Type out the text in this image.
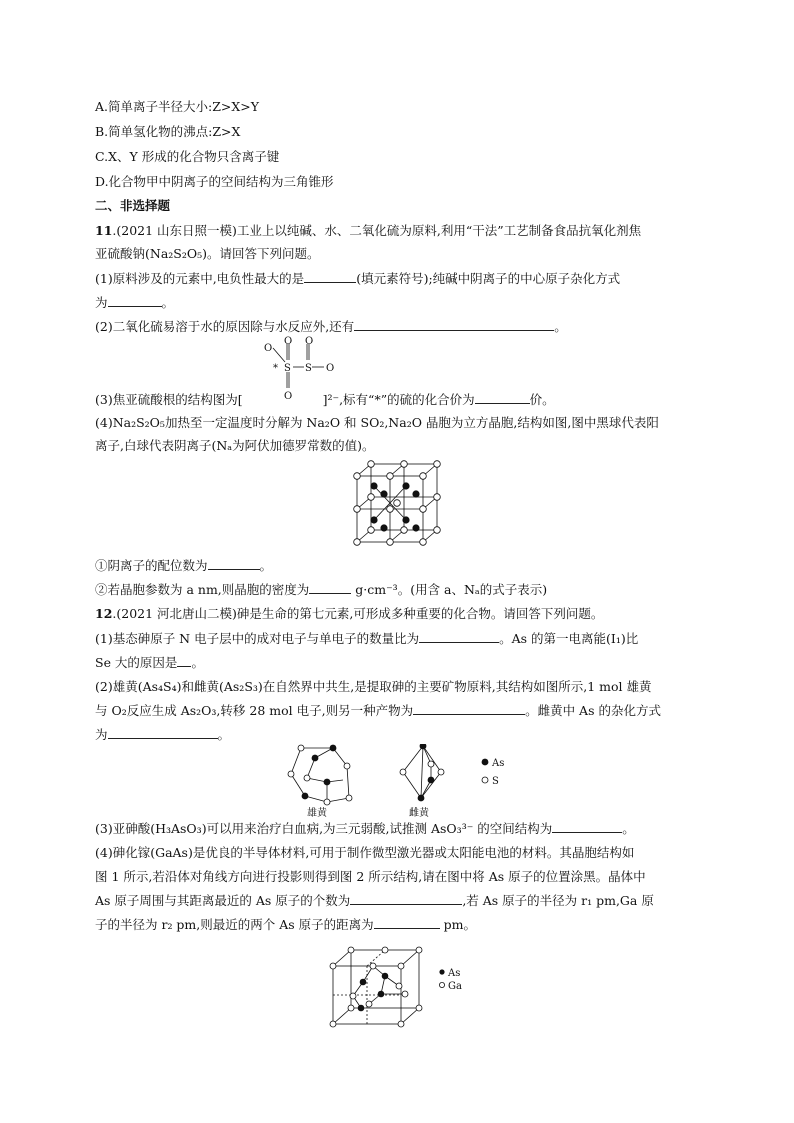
A.简单离子半径大小:Z>X>Y
B.简单氢化物的沸点:Z>X
C.X、Y 形成的化合物只含离子键
D.化合物甲中阴离子的空间结构为三角锥形
二、非选择题
11.(2021 山东日照一模)工业上以纯碱、水、二氧化硫为原料,利用“干法”工艺制备食品抗氧化剂焦
亚硫酸钠(Na₂S₂O₅)。请回答下列问题。
(1)原料涉及的元素中,电负性最大的是	(填元素符号);纯碱中阴离子的中心原子杂化方式
为	。
(2)二氧化硫易溶于水的原因除与水反应外,还有	。
O
O O
* S S O
O
(3)焦亚硫酸根的结构图为[	]²⁻,标有“*”的硫的化合价为	价。
(4)Na₂S₂O₅加热至一定温度时分解为 Na₂O 和 SO₂,Na₂O 晶胞为立方晶胞,结构如图,图中黑球代表阳
离子,白球代表阴离子(Nₐ为阿伏加德罗常数的值)。
①阴离子的配位数为	。
②若晶胞参数为 a nm,则晶胞的密度为	g·cm⁻³。(用含 a、Nₐ的式子表示)
12.(2021 河北唐山二模)砷是生命的第七元素,可形成多种重要的化合物。请回答下列问题。
(1)基态砷原子 N 电子层中的成对电子与单电子的数量比为	。As 的第一电离能(I₁)比
Se 大的原因是 。
(2)雄黄(As₄S₄)和雌黄(As₂S₃)在自然界中共生,是提取砷的主要矿物原料,其结构如图所示,1 mol 雄黄
与 O₂反应生成 As₂O₃,转移 28 mol 电子,则另一种产物为	。雌黄中 As 的杂化方式
为	。
As
S
雄黄	雌黄
(3)亚砷酸(H₃AsO₃)可以用来治疗白血病,为三元弱酸,试推测 AsO₃³⁻ 的空间结构为	。
(4)砷化镓(GaAs)是优良的半导体材料,可用于制作微型激光器或太阳能电池的材料。其晶胞结构如
图 1 所示,若沿体对角线方向进行投影则得到图 2 所示结构,请在图中将 As 原子的位置涂黑。晶体中
As 原子周围与其距离最近的 As 原子的个数为	,若 As 原子的半径为 r₁ pm,Ga 原
子的半径为 r₂ pm,则最近的两个 As 原子的距离为	pm。
As
Ga
